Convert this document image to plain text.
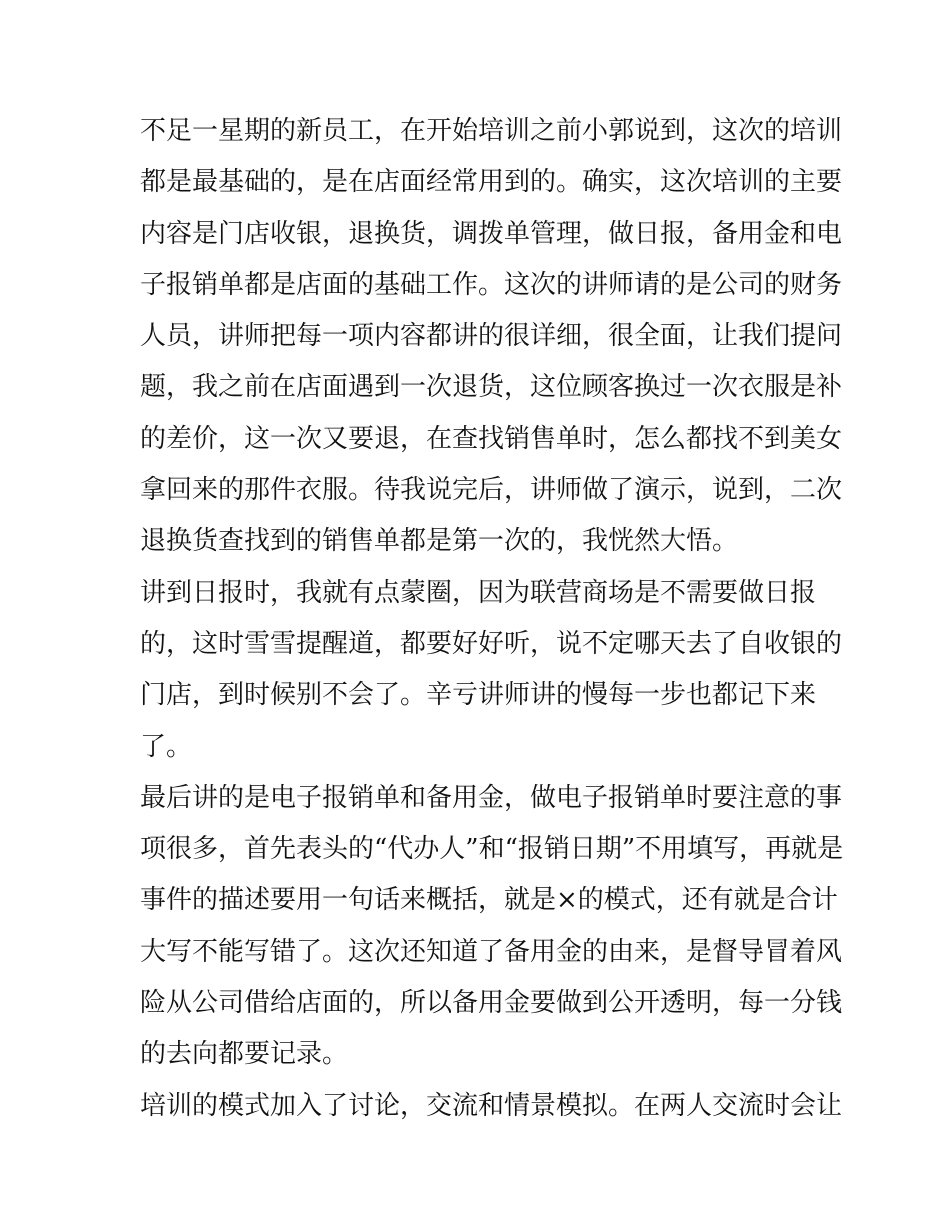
不足一星期的新员工，在开始培训之前小郭说到，这次的培训
都是最基础的，是在店面经常用到的。确实，这次培训的主要
内容是门店收银，退换货，调拨单管理，做日报，备用金和电
子报销单都是店面的基础工作。这次的讲师请的是公司的财务
人员，讲师把每一项内容都讲的很详细，很全面，让我们提问
题，我之前在店面遇到一次退货，这位顾客换过一次衣服是补
的差价，这一次又要退，在查找销售单时，怎么都找不到美女
拿回来的那件衣服。待我说完后，讲师做了演示，说到，二次
退换货查找到的销售单都是第一次的，我恍然大悟。
讲到日报时，我就有点蒙圈，因为联营商场是不需要做日报
的，这时雪雪提醒道，都要好好听，说不定哪天去了自收银的
门店，到时候别不会了。辛亏讲师讲的慢每一步也都记下来
了。
最后讲的是电子报销单和备用金，做电子报销单时要注意的事
项很多，首先表头的“代办人”和“报销日期”不用填写，再就是
事件的描述要用一句话来概括，就是×的模式，还有就是合计
大写不能写错了。这次还知道了备用金的由来，是督导冒着风
险从公司借给店面的，所以备用金要做到公开透明，每一分钱
的去向都要记录。
培训的模式加入了讨论，交流和情景模拟。在两人交流时会让
